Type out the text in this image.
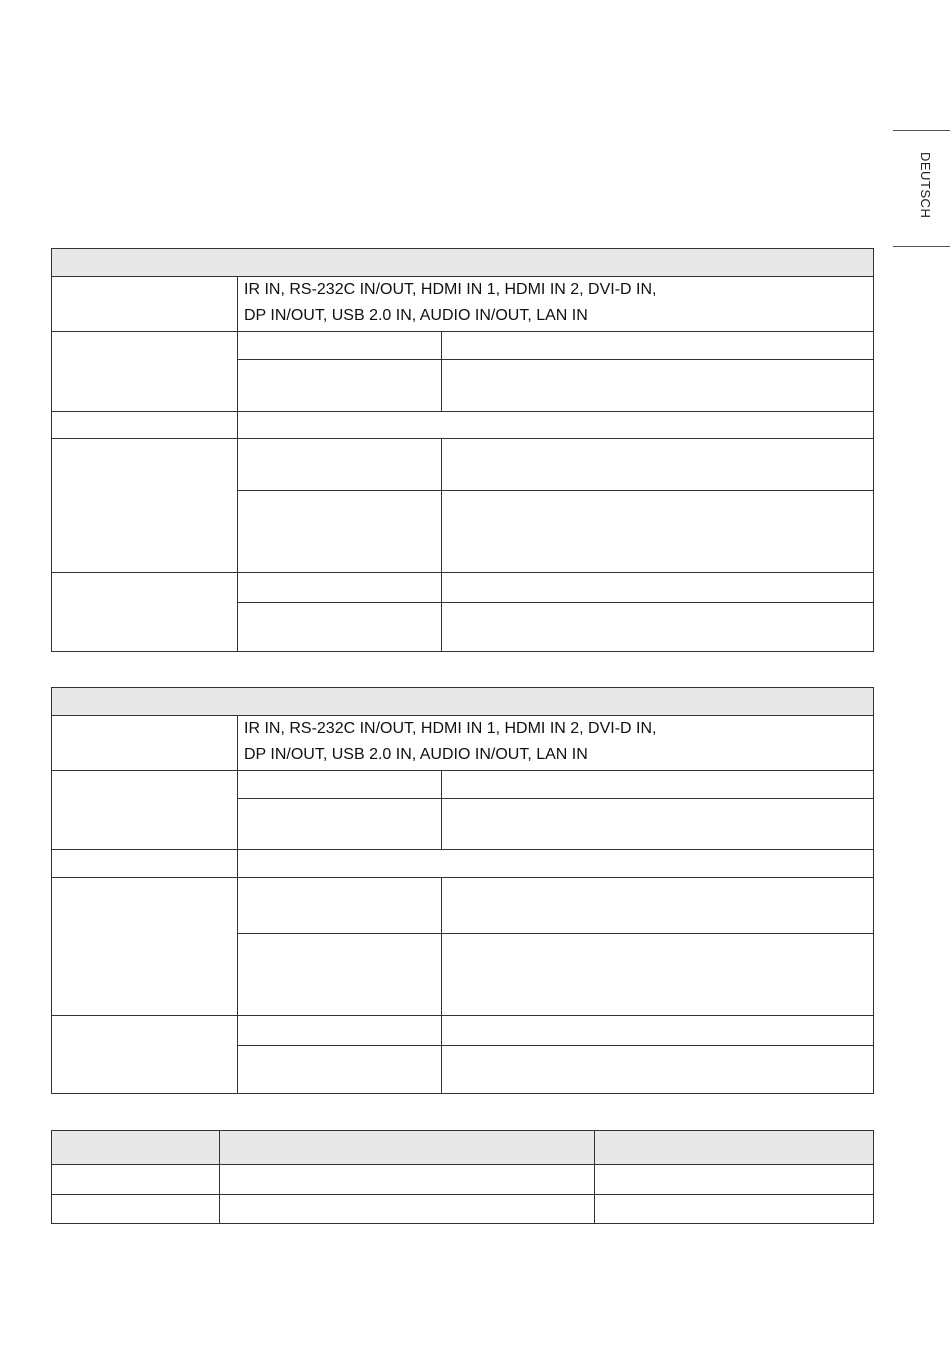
DEUTSCH

	IR IN, RS-232C IN/OUT, HDMI IN 1, HDMI IN 2, DVI-D IN,
DP IN/OUT, USB 2.0 IN, AUDIO IN/OUT, LAN IN	

	IR IN, RS-232C IN/OUT, HDMI IN 1, HDMI IN 2, DVI-D IN,
DP IN/OUT, USB 2.0 IN, AUDIO IN/OUT, LAN IN	
